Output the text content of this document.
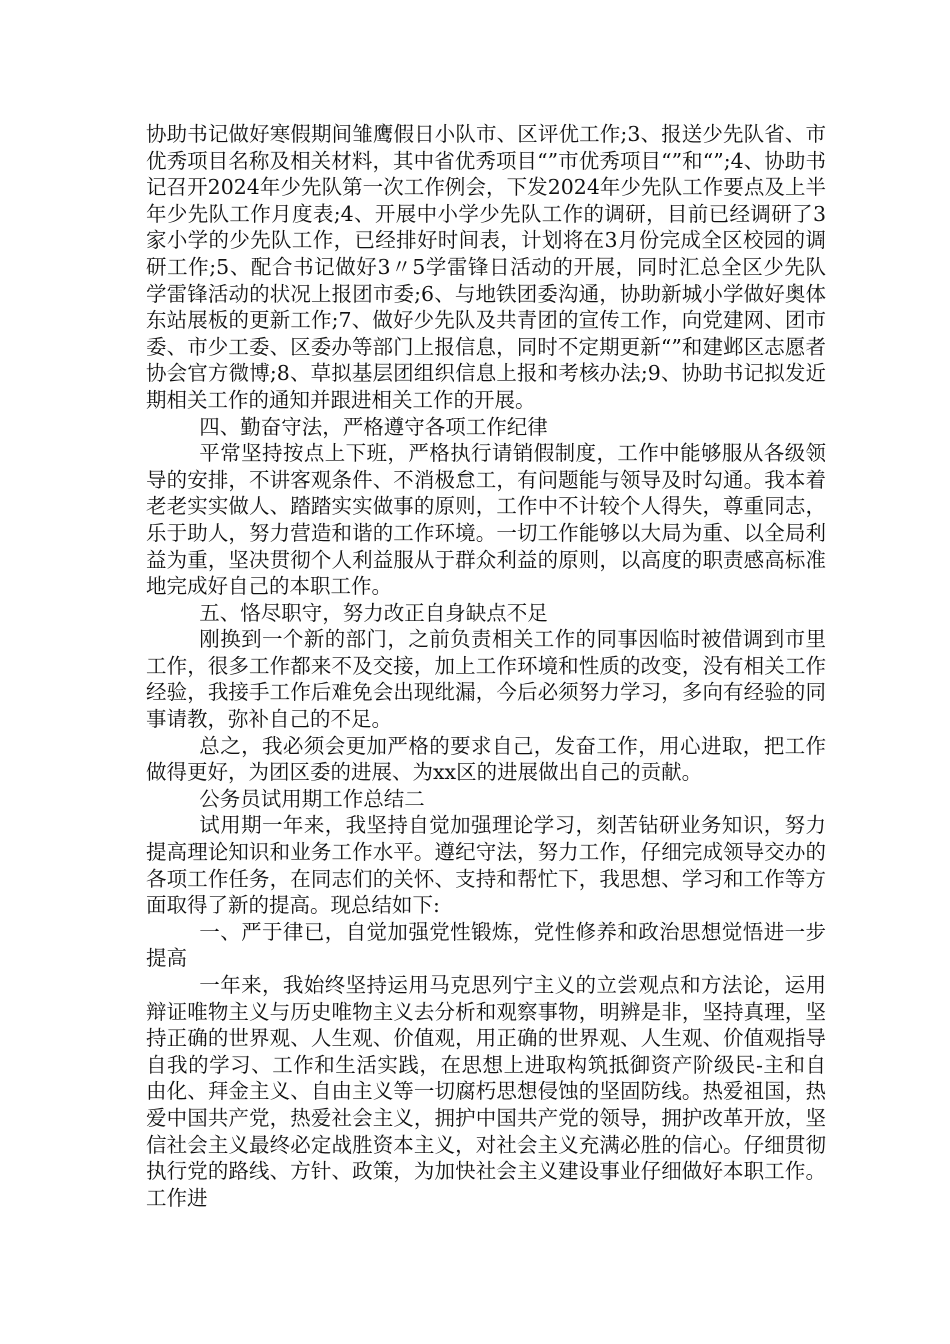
协助书记做好寒假期间雏鹰假日小队市、区评优工作;3、报送少先队省、市优秀项目名称及相关材料，其中省优秀项目“”市优秀项目“”和“”;4、协助书记召开2024年少先队第一次工作例会，下发2024年少先队工作要点及上半年少先队工作月度表;4、开展中小学少先队工作的调研，目前已经调研了3家小学的少先队工作，已经排好时间表，计划将在3月份完成全区校园的调研工作;5、配合书记做好3〃5学雷锋日活动的开展，同时汇总全区少先队学雷锋活动的状况上报团市委;6、与地铁团委沟通，协助新城小学做好奥体东站展板的更新工作;7、做好少先队及共青团的宣传工作，向党建网、团市委、市少工委、区委办等部门上报信息，同时不定期更新“”和建邺区志愿者协会官方微博;8、草拟基层团组织信息上报和考核办法;9、协助书记拟发近期相关工作的通知并跟进相关工作的开展。

四、勤奋守法，严格遵守各项工作纪律

平常坚持按点上下班，严格执行请销假制度，工作中能够服从各级领导的安排，不讲客观条件、不消极怠工，有问题能与领导及时勾通。我本着老老实实做人、踏踏实实做事的原则，工作中不计较个人得失，尊重同志，乐于助人，努力营造和谐的工作环境。一切工作能够以大局为重、以全局利益为重，坚决贯彻个人利益服从于群众利益的原则，以高度的职责感高标准地完成好自己的本职工作。

五、恪尽职守，努力改正自身缺点不足

刚换到一个新的部门，之前负责相关工作的同事因临时被借调到市里工作，很多工作都来不及交接，加上工作环境和性质的改变，没有相关工作经验，我接手工作后难免会出现纰漏，今后必须努力学习，多向有经验的同事请教，弥补自己的不足。

总之，我必须会更加严格的要求自己，发奋工作，用心进取，把工作做得更好，为团区委的进展、为xx区的进展做出自己的贡献。

公务员试用期工作总结二

试用期一年来，我坚持自觉加强理论学习，刻苦钻研业务知识，努力提高理论知识和业务工作水平。遵纪守法，努力工作，仔细完成领导交办的各项工作任务，在同志们的关怀、支持和帮忙下，我思想、学习和工作等方面取得了新的提高。现总结如下:

一、严于律已，自觉加强党性锻炼，党性修养和政治思想觉悟进一步提高

一年来，我始终坚持运用马克思列宁主义的立尝观点和方法论，运用辩证唯物主义与历史唯物主义去分析和观察事物，明辨是非，坚持真理，坚持正确的世界观、人生观、价值观，用正确的世界观、人生观、价值观指导自我的学习、工作和生活实践，在思想上进取构筑抵御资产阶级民-主和自由化、拜金主义、自由主义等一切腐朽思想侵蚀的坚固防线。热爱祖国，热爱中国共产党，热爱社会主义，拥护中国共产党的领导，拥护改革开放，坚信社会主义最终必定战胜资本主义，对社会主义充满必胜的信心。仔细贯彻执行党的路线、方针、政策，为加快社会主义建设事业仔细做好本职工作。工作进
